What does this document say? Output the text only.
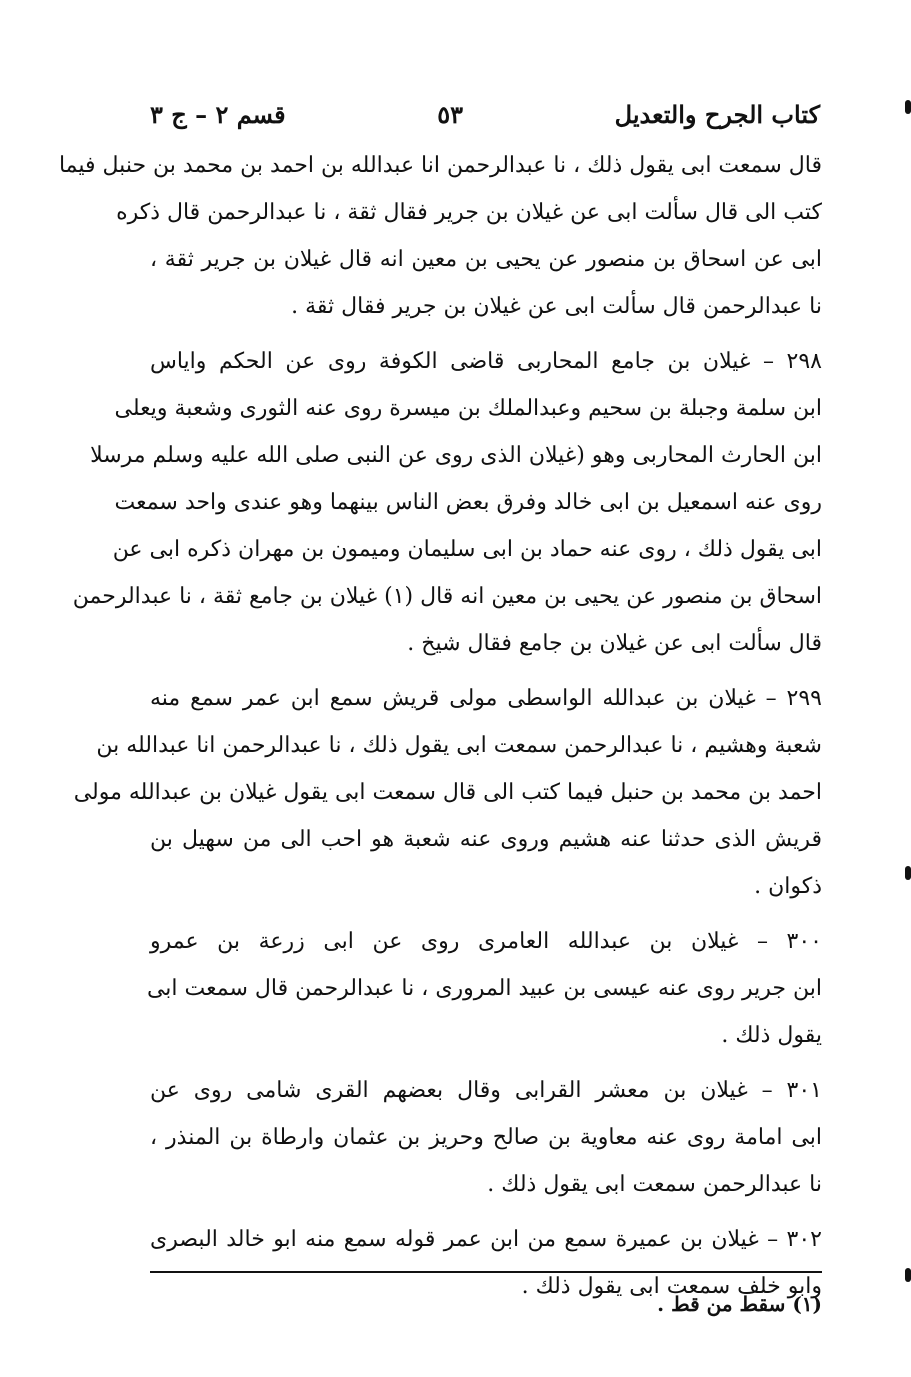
كتاب الجرح والتعديل
٥٣
قسم ٢ – ج ٣
قال سمعت ابى يقول ذلك ، نا عبدالرحمن انا عبدالله بن احمد بن محمد بن حنبل فيما
كتب الى قال سألت ابى عن غيلان بن جرير فقال ثقة ، نا عبدالرحمن قال ذكره
ابى عن اسحاق بن منصور عن يحيى بن معين انه قال غيلان بن جرير ثقة ،
نا عبدالرحمن قال سألت ابى عن غيلان بن جرير فقال ثقة .
٢٩٨ – غيلان بن جامع المحاربى قاضى الكوفة روى عن الحكم واياس
ابن سلمة وجبلة بن سحيم وعبدالملك بن ميسرة روى عنه الثورى وشعبة ويعلى
ابن الحارث المحاربى وهو (غيلان الذى روى عن النبى صلى الله عليه وسلم مرسلا
روى عنه اسمعيل بن ابى خالد وفرق بعض الناس بينهما وهو عندى واحد سمعت
ابى يقول ذلك ، روى عنه حماد بن ابى سليمان وميمون بن مهران ذكره ابى عن
اسحاق بن منصور عن يحيى بن معين انه قال (١) غيلان بن جامع ثقة ، نا عبدالرحمن
قال سألت ابى عن غيلان بن جامع فقال شيخ .
٢٩٩ – غيلان بن عبدالله الواسطى مولى قريش سمع ابن عمر سمع منه
شعبة وهشيم ، نا عبدالرحمن سمعت ابى يقول ذلك ، نا عبدالرحمن انا عبدالله بن
احمد بن محمد بن حنبل فيما كتب الى قال سمعت ابى يقول غيلان بن عبدالله مولى
قريش الذى حدثنا عنه هشيم وروى عنه شعبة هو احب الى من سهيل بن
ذكوان .
٣٠٠ – غيلان بن عبدالله العامرى روى عن ابى زرعة بن عمرو
ابن جرير روى عنه عيسى بن عبيد المرورى ، نا عبدالرحمن قال سمعت ابى
يقول ذلك .
٣٠١ – غيلان بن معشر القرابى وقال بعضهم القرى شامى روى عن
ابى امامة روى عنه معاوية بن صالح وحريز بن عثمان وارطاة بن المنذر ،
نا عبدالرحمن سمعت ابى يقول ذلك .
٣٠٢ – غيلان بن عميرة سمع من ابن عمر قوله سمع منه ابو خالد البصرى
وابو خلف سمعت ابى يقول ذلك .
(١) سقط من قط .
